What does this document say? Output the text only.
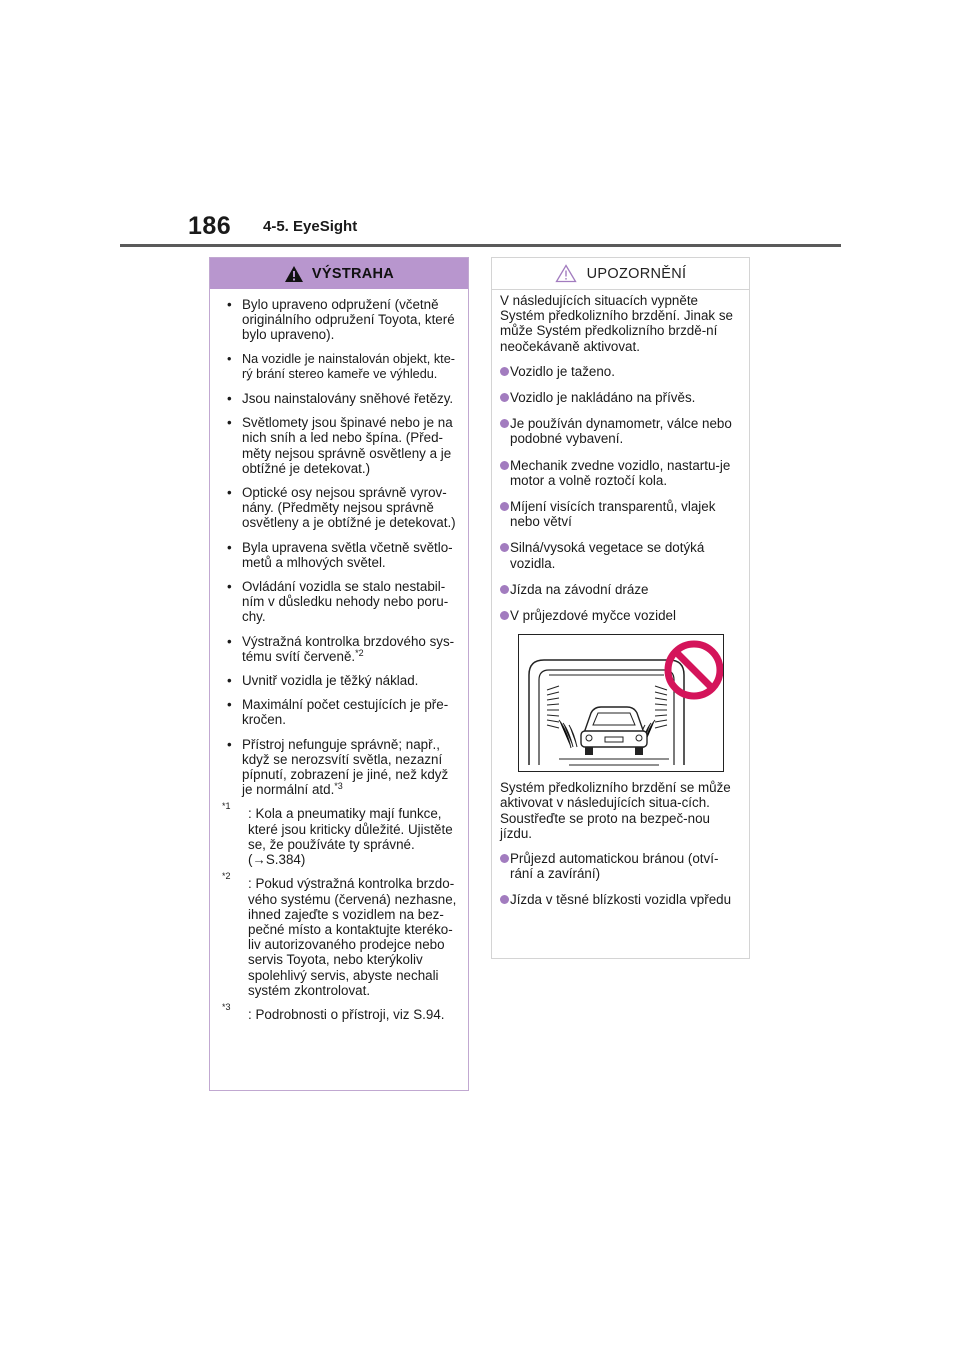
186 4-5. EyeSight
VÝSTRAHA
• Bylo upraveno odpružení (včetně originálního odpružení Toyota, které bylo upraveno).
• Na vozidle je nainstalován objekt, kte-rý brání stereo kameře ve výhledu.
• Jsou nainstalovány sněhové řetězy.
• Světlomety jsou špinavé nebo je na nich sníh a led nebo špína. (Před-měty nejsou správně osvětleny a je obtížné je detekovat.)
• Optické osy nejsou správně vyrov-nány. (Předměty nejsou správně osvětleny a je obtížné je detekovat.)
• Byla upravena světla včetně světlo-metů a mlhových světel.
• Ovládání vozidla se stalo nestabil-ním v důsledku nehody nebo poru-chy.
• Výstražná kontrolka brzdového sys-tému svítí červeně.$^{*2}$
• Uvnitř vozidla je těžký náklad.
• Maximální počet cestujících je pře-kročen.
• Přístroj nefunguje správně; např., když se nerozsvítí světla, nezazní pípnutí, zobrazení je jiné, než když je normální atd.$^{*3}$
*1 : Kola a pneumatiky mají funkce, které jsou kriticky důležité. Ujistěte se, že používáte ty správné. (→S.384)
*2 : Pokud výstražná kontrolka brzdo-vého systému (červená) nezhasne, ihned zajeďte s vozidlem na bez-pečné místo a kontaktujte kteréko-liv autorizovaného prodejce nebo servis Toyota, nebo kterýkoliv spolehlivý servis, abyste nechali systém zkontrolovat.
*3 : Podrobnosti o přístroji, viz S.94.
UPOZORNĚNÍ

V následujících situacích vypněte Systém předkolizního brzdění. Jinak se může Systém předkolizního brzdě-ní neočekávaně aktivovat.

Vozidlo je taženo.
Vozidlo je nakládáno na přívěs.
Je používán dynamometr, válce nebo podobné vybavení.
Mechanik zvedne vozidlo, nastartu-je motor a volně roztočí kola.
Míjení visících transparentů, vlajek nebo větví
Silná/vysoká vegetace se dotýká vozidla.
Jízda na závodní dráze
V průjezdové myčce vozidel

Systém předkolizního brzdění se může aktivovat v následujících situa-cích. Soustřeďte se proto na bezpeč-nou jízdu.

Průjezd automatickou bránou (otví-rání a zavírání)
Jízda v těsné blízkosti vozidla vpředu
